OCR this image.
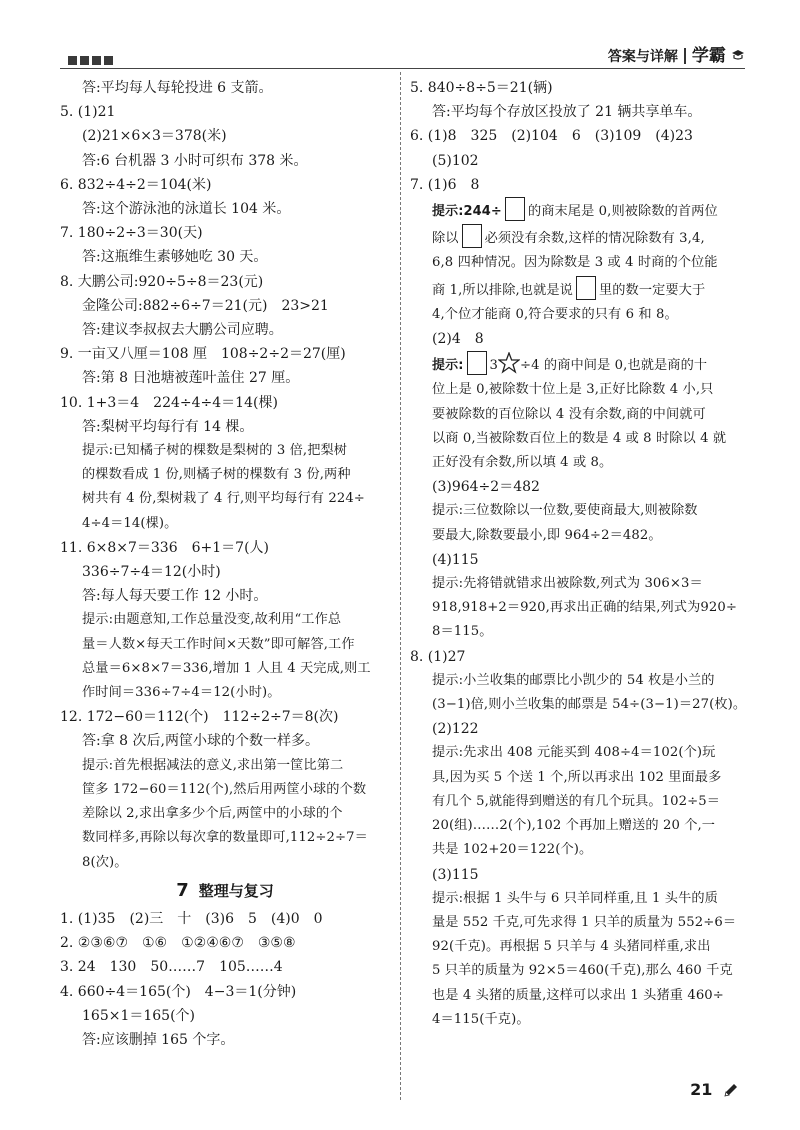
答案与详解 学霸
答:平均每人每轮投进 6 支箭。
5. (1)21
(2)21×6×3＝378(米)
答:6 台机器 3 小时可织布 378 米。
6. 832÷4÷2＝104(米)
答:这个游泳池的泳道长 104 米。
7. 180÷2÷3＝30(天)
答:这瓶维生素够她吃 30 天。
8. 大鹏公司:920÷5÷8＝23(元)
金隆公司:882÷6÷7＝21(元)　23>21
答:建议李叔叔去大鹏公司应聘。
9. 一亩又八厘＝108 厘　108÷2÷2＝27(厘)
答:第 8 日池塘被莲叶盖住 27 厘。
10. 1+3＝4　224÷4÷4＝14(棵)
答:梨树平均每行有 14 棵。
提示:已知橘子树的棵数是梨树的 3 倍,把梨树
的棵数看成 1 份,则橘子树的棵数有 3 份,两种
树共有 4 份,梨树栽了 4 行,则平均每行有 224÷
4÷4＝14(棵)。
11. 6×8×7＝336　6+1＝7(人)
336÷7÷4＝12(小时)
答:每人每天要工作 12 小时。
提示:由题意知,工作总量没变,故利用“工作总
量＝人数×每天工作时间×天数”即可解答,工作
总量＝6×8×7＝336,增加 1 人且 4 天完成,则工
作时间＝336÷7÷4＝12(小时)。
12. 172−60＝112(个)　112÷2÷7＝8(次)
答:拿 8 次后,两筐小球的个数一样多。
提示:首先根据减法的意义,求出第一筐比第二
筐多 172−60＝112(个),然后用两筐小球的个数
差除以 2,求出拿多少个后,两筐中的小球的个
数同样多,再除以每次拿的数量即可,112÷2÷7＝
8(次)。
7 整理与复习
1. (1)35　(2)三　十　(3)6　5　(4)0　0
2. ②③⑥⑦　①⑥　①②④⑥⑦　③⑤⑧
3. 24　130　50……7　105……4
4. 660÷4＝165(个)　4−3＝1(分钟)
165×1＝165(个)
答:应该删掉 165 个字。
5. 840÷8÷5＝21(辆)
答:平均每个存放区投放了 21 辆共享单车。
6. (1)8　325　(2)104　6　(3)109　(4)23
(5)102
7. (1)6　8
提示:244÷ 的商末尾是 0,则被除数的首两位
除以 必须没有余数,这样的情况除数有 3,4,
6,8 四种情况。因为除数是 3 或 4 时商的个位能
商 1,所以排除,也就是说 里的数一定要大于
4,个位才能商 0,符合要求的只有 6 和 8。
(2)4　8
提示: 3 ÷4 的商中间是 0,也就是商的十
位上是 0,被除数十位上是 3,正好比除数 4 小,只
要被除数的百位除以 4 没有余数,商的中间就可
以商 0,当被除数百位上的数是 4 或 8 时除以 4 就
正好没有余数,所以填 4 或 8。
(3)964÷2＝482
提示:三位数除以一位数,要使商最大,则被除数
要最大,除数要最小,即 964÷2＝482。
(4)115
提示:先将错就错求出被除数,列式为 306×3＝
918,918+2＝920,再求出正确的结果,列式为920÷
8＝115。
8. (1)27
提示:小兰收集的邮票比小凯少的 54 枚是小兰的
(3−1)倍,则小兰收集的邮票是 54÷(3−1)＝27(枚)。
(2)122
提示:先求出 408 元能买到 408÷4＝102(个)玩
具,因为买 5 个送 1 个,所以再求出 102 里面最多
有几个 5,就能得到赠送的有几个玩具。102÷5＝
20(组)……2(个),102 个再加上赠送的 20 个,一
共是 102+20＝122(个)。
(3)115
提示:根据 1 头牛与 6 只羊同样重,且 1 头牛的质
量是 552 千克,可先求得 1 只羊的质量为 552÷6＝
92(千克)。再根据 5 只羊与 4 头猪同样重,求出
5 只羊的质量为 92×5＝460(千克),那么 460 千克
也是 4 头猪的质量,这样可以求出 1 头猪重 460÷
4＝115(千克)。
21
